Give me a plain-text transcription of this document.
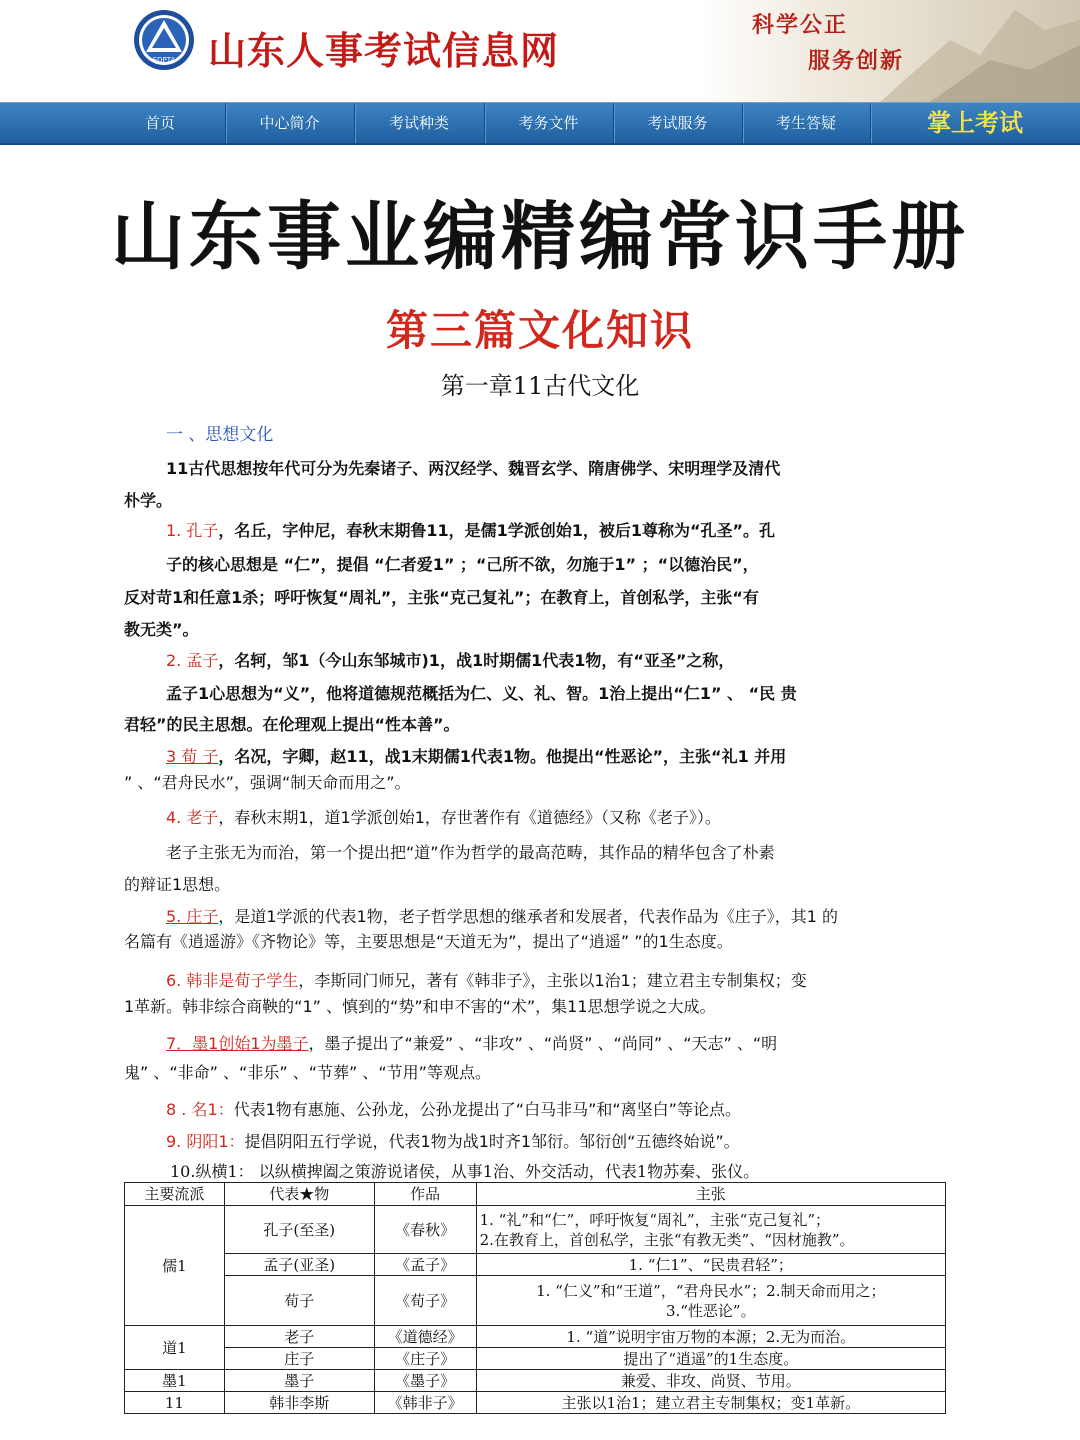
SDPTA 山东人事考试信息网
科学公正
服务创新
首页	中心简介	考试种类	考务文件	考试服务	考生答疑	掌上考试
山东事业编精编常识手册
第三篇文化知识
第一章11古代文化
一 、思想文化
11古代思想按年代可分为先秦诸子、两汉经学、魏晋玄学、隋唐佛学、宋明理学及清代
朴学。
1. 孔子，名丘，字仲尼，春秋末期鲁11，是儒1学派创始1，被后1尊称为“孔圣”。孔
子的核心思想是 “仁”，提倡 “仁者爱1” ；“己所不欲，勿施于1” ；“以德治民”，
反对苛1和任意1杀；呼吁恢复“周礼”，主张“克己复礼”；在教育上，首创私学，主张“有
教无类”。
2. 孟子，名轲，邹1（今山东邹城市)1，战1时期儒1代表1物，有“亚圣”之称，
孟子1心思想为“义”，他将道德规范概括为仁、义、礼、智。1治上提出“仁1” 、 “民 贵
君轻”的民主思想。在伦理观上提出“性本善”。
3 荀 子，名况，字卿，赵11，战1末期儒1代表1物。他提出“性恶论”，主张“礼1 并用
” 、“君舟民水”，强调“制天命而用之”。
4. 老子，春秋末期1，道1学派创始1，存世著作有《道德经》（又称《老子》）。
老子主张无为而治，第一个提出把“道”作为哲学的最高范畴，其作品的精华包含了朴素
的辩证1思想。
5. 庄子，是道1学派的代表1物，老子哲学思想的继承者和发展者，代表作品为《庄子》，其1 的
名篇有《逍遥游》《齐物论》等，主要思想是“天道无为”，提出了“逍遥” ”的1生态度。
6. 韩非是荀子学生，李斯同门师兄，著有《韩非子》，主张以1治1；建立君主专制集权；变
1革新。韩非综合商鞅的“1” 、慎到的“势”和申不害的“术”，集11思想学说之大成。
7．墨1创始1为墨子，墨子提出了“兼爱” 、“非攻” 、“尚贤” 、“尚同” 、“天志” 、“明
鬼” 、“非命” 、“非乐” 、“节葬” 、“节用”等观点。
8 . 名1：代表1物有惠施、公孙龙，公孙龙提出了“白马非马”和“离坚白”等论点。
9. 阴阳1：提倡阴阳五行学说，代表1物为战1时齐1邹衍。邹衍创“五德终始说”。
10.纵横1： 以纵横捭阖之策游说诸侯，从事1治、外交活动，代表1物苏秦、张仪。
主要流派	代表★物	作品	主张
儒1	孔子(至圣)	《春秋》	1. “礼”和“仁”，呼吁恢复“周礼”，主张“克己复礼”；
2.在教育上，首创私学，主张“有教无类”、“因材施教”。

	孟子(亚圣)	《孟子》	1. “仁1”、“民贵君轻”；
	荀子	《荀子》	1. “仁义”和“王道”，“君舟民水”；2.制天命而用之；
3.“性恶论”。

道1	老子	《道德经》	1. “道”说明宇宙万物的本源；2.无为而治。
	庄子	《庄子》	提出了“逍遥”的1生态度。
墨1	墨子	《墨子》	兼爱、非攻、尚贤、节用。
11	韩非李斯	《韩非子》	主张以1治1；建立君主专制集权；变1革新。
